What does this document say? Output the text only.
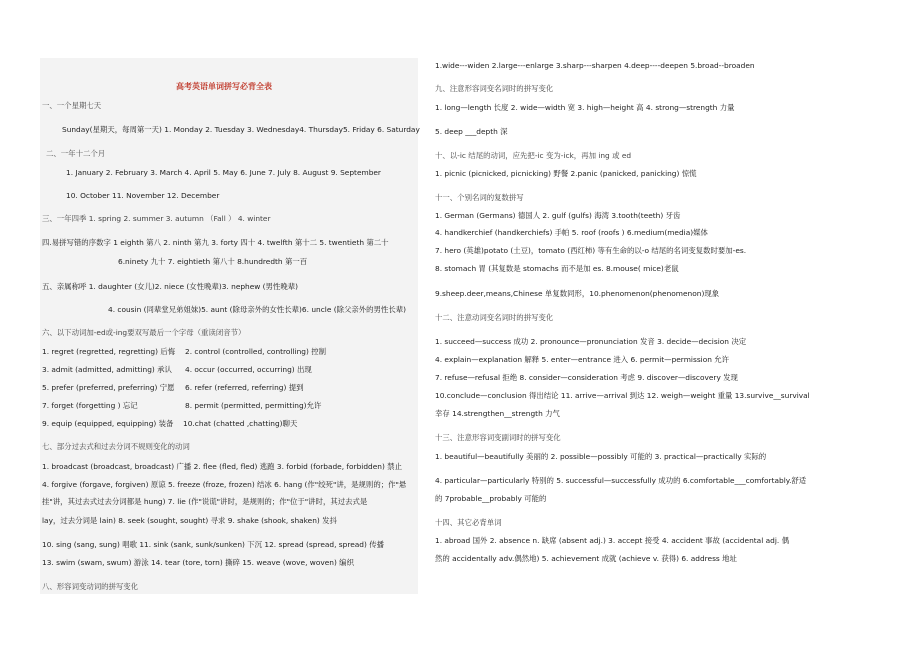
高考英语单词拼写必背全表
一、一个星期七天
Sunday(星期天，每周第一天) 1. Monday 2. Tuesday 3. Wednesday4. Thursday5. Friday 6. Saturday
二、一年十二个月
1. January 2. February 3. March 4. April 5. May 6. June 7. July 8. August 9. September
10. October 11. November 12. December
三、一年四季 1. spring 2. summer 3. autumn （Fall ） 4. winter
四.易拼写错的序数字 1 eighth 第八 2. ninth 第九 3. forty 四十 4. twelfth 第十二 5. twentieth 第二十
6.ninety 九十 7. eightieth 第八十 8.hundredth 第一百
五、亲属称呼 1. daughter (女儿)2. niece (女性晚辈)3. nephew (男性晚辈)
4. cousin (同辈堂兄弟姐妹)5. aunt (除母亲外的女性长辈)6. uncle (除父亲外的男性长辈)
六、以下动词加-ed或-ing要双写最后一个字母（重读闭音节）
1. regret (regretted, regretting) 后悔 2. control (controlled, controlling) 控制
3. admit (admitted, admitting) 承认 4. occur (occurred, occurring) 出现
5. prefer (preferred, preferring) 宁愿 6. refer (referred, referring) 提到
7. forget (forgetting ) 忘记	8. permit (permitted, permitting)允许
9. equip (equipped, equipping) 装备 10.chat (chatted ,chatting)聊天
七、部分过去式和过去分词不规则变化的动词
1. broadcast (broadcast, broadcast) 广播 2. flee (fled, fled) 逃跑 3. forbid (forbade, forbidden) 禁止
4. forgive (forgave, forgiven) 原谅 5. freeze (froze, frozen) 结冰 6. hang (作"绞死"讲，是规则的；作"悬
挂"讲，其过去式过去分词都是 hung) 7. lie (作"说谎"讲时，是规则的；作"位于"讲时，其过去式是
lay，过去分词是 lain) 8. seek (sought, sought) 寻求 9. shake (shook, shaken) 发抖
10. sing (sang, sung) 唱歌 11. sink (sank, sunk/sunken) 下沉 12. spread (spread, spread) 传播
13. swim (swam, swum) 游泳 14. tear (tore, torn) 撕碎 15. weave (wove, woven) 编织
八、形容词变动词的拼写变化
1.wide---widen 2.large---enlarge 3.sharp---sharpen 4.deep----deepen 5.broad--broaden
九、注意形容词变名词时的拼写变化
1. long—length 长度 2. wide—width 宽 3. high—height 高 4. strong—strength 力量
5. deep ___depth 深
十、以-ic 结尾的动词，应先把-ic 变为-ick，再加 ing 或 ed
1. picnic (picnicked, picnicking) 野餐 2.panic (panicked, panicking) 惊慌
十一、个别名词的复数拼写
1. German (Germans) 德国人 2. gulf (gulfs) 海湾 3.tooth(teeth) 牙齿
4. handkerchief (handkerchiefs) 手帕 5. roof (roofs ) 6.medium(media)媒体
7. hero (英雄)potato (土豆)，tomato (西红柿) 等有生命的以-o 结尾的名词变复数时要加-es.
8. stomach 胃 (其复数是 stomachs 而不是加 es. 8.mouse( mice)老鼠
9.sheep.deer,means,Chinese 单复数同形，10.phenomenon(phenomenon)现象
十二、注意动词变名词时的拼写变化
1. succeed—success 成功 2. pronounce—pronunciation 发音 3. decide—decision 决定
4. explain—explanation 解释 5. enter—entrance 进入 6. permit—permission 允许
7. refuse—refusal 拒绝 8. consider—consideration 考虑 9. discover—discovery 发现
10.conclude—conclusion 得出结论 11. arrive—arrival 到达 12. weigh—weight 重量 13.survive__survival
幸存 14.strengthen__strength 力气
十三、注意形容词变副词时的拼写变化
1. beautiful—beautifully 美丽的 2. possible—possibly 可能的 3. practical—practically 实际的
4. particular—particularly 特别的 5. successful—successfully 成功的 6.comfortable___comfortably.舒适
的 7probable__probably 可能的
十四、其它必背单词
1. abroad 国外 2. absence n. 缺席 (absent adj.) 3. accept 接受 4. accident 事故 (accidental adj. 偶
然的 accidentally adv.偶然地) 5. achievement 成就 (achieve v. 获得) 6. address 地址
